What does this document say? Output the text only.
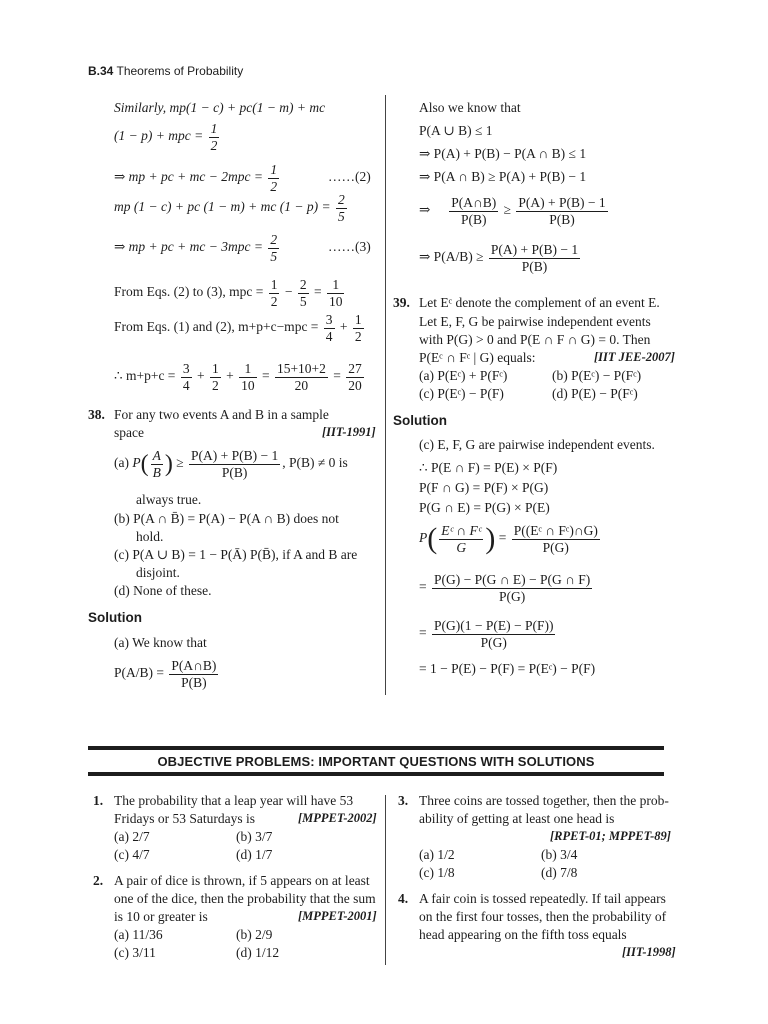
B.34 Theorems of Probability
Similarly, mp(1 − c) + pc(1 − m) + mc
(1 − p) + mpc = $\frac{1}{2}$
⇒ mp + pc + mc − $2mpc = \frac{1}{2}$	……(2)
mp (1 − c) + pc (1 − m) + mc $(1 - p) = \frac{2}{5}$
⇒ mp + pc + mc − $3mpc = \frac{2}{5}$	……(3)
From Eqs. (2) to (3), mpc = $\frac{1}{2} - \frac{2}{5} = \frac{1}{10}$
From Eqs. (1) and (2), $m+p+c-mpc = \frac{3}{4} + \frac{1}{2}$
∴ $m+p+c = \frac{3}{4} + \frac{1}{2} + \frac{1}{10} = \frac{15+10+2}{20} = \frac{27}{20}$
38. For any two events A and B in a sample
space	[IIT-1991]
(a) $P( \frac{A}{B}$ ) ≥ $\frac{P(A) + P(B) - 1}{P(B)}$ , P(B) ≠ 0 is
always true.
(b) P(A ∩ B̄) = P(A) − P(A ∩ B) does not
hold.
(c) P(A ∪ B) = 1 − P(Ā) P(B̄), if A and B are
disjoint.
(d) None of these.
Solution
(a) We know that
$P(A/B) = \frac{P(A\cap B)}{P(B)}$
Also we know that
P(A ∪ B) ≤ 1
⇒ P(A) + P(B) − P(A ∩ B) ≤ 1
⇒ P(A ∩ B) ≥ P(A) + P(B) − 1
⇒ $\frac{P(A\cap B)}{P(B)} \ge \frac{P(A) + P(B) - 1}{P(B)}$
⇒ $P(A/B) \ge \frac{P(A) + P(B) - 1}{P(B)}$
39. Let Eᶜ denote the complement of an event E.
Let E, F, G be pairwise independent events
with P(G) > 0 and P(E ∩ F ∩ G) = 0. Then
P(Eᶜ ∩ Fᶜ | G) equals:	[IIT JEE-2007]
(a) P(Eᶜ) + P(Fᶜ)	(b) P(Eᶜ) − P(Fᶜ)
(c) P(Eᶜ) − P(F)	(d) P(E) − P(Fᶜ)
Solution
(c) E, F, G are pairwise independent events.
∴ P(E ∩ F) = P(E) × P(F)
P(F ∩ G) = P(F) × P(G)
P(G ∩ E) = P(G) × P(E)
$P( \frac{\text{Eᶜ ∩ Fᶜ}}{G}$ ) = $\frac{\text{P((Eᶜ ∩ Fᶜ)∩G)}}{P(G)}$
= $\frac{P(G) - P(G \cap E) - P(G \cap F)}{P(G)}$
= $\frac{P(G)(1 - P(E) - P(F))}{P(G)}$
= 1 − P(E) − P(F) = P(Eᶜ) − P(F)
OBJECTIVE PROBLEMS: IMPORTANT QUESTIONS WITH SOLUTIONS
1. The probability that a leap year will have 53
Fridays or 53 Saturdays is	[MPPET-2002]
(a) 2/7	(b) 3/7
(c) 4/7	(d) 1/7
2. A pair of dice is thrown, if 5 appears on at least
one of the dice, then the probability that the sum
is 10 or greater is	[MPPET-2001]
(a) 11/36	(b) 2/9
(c) 3/11	(d) 1/12
3. Three coins are tossed together, then the prob-
ability of getting at least one head is
[RPET-01; MPPET-89]
(a) 1/2	(b) 3/4
(c) 1/8	(d) 7/8
4. A fair coin is tossed repeatedly. If tail appears
on the first four tosses, then the probability of
head appearing on the fifth toss equals
[IIT-1998]
